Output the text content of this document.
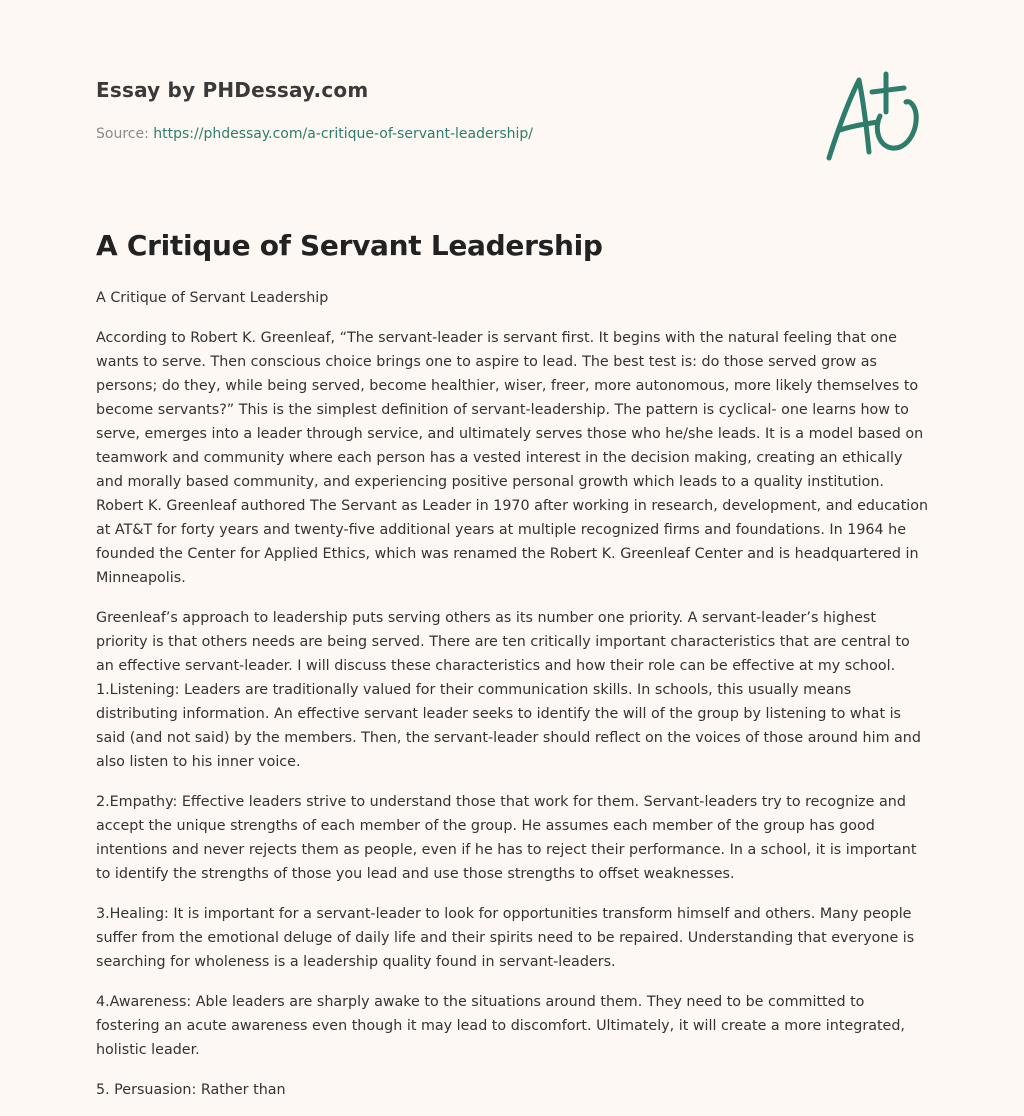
Essay by PHDessay.com
Source: https://phdessay.com/a-critique-of-servant-leadership/
A Critique of Servant Leadership
A Critique of Servant Leadership

According to Robert K. Greenleaf, “The servant-leader is servant first. It begins with the natural feeling that one wants to serve. Then conscious choice brings one to aspire to lead. The best test is: do those served grow as persons; do they, while being served, become healthier, wiser, freer, more autonomous, more likely themselves to become servants?” This is the simplest definition of servant-leadership. The pattern is cyclical- one learns how to serve, emerges into a leader through service, and ultimately serves those who he/she leads. It is a model based on teamwork and community where each person has a vested interest in the decision making, creating an ethically and morally based community, and experiencing positive personal growth which leads to a quality institution. Robert K. Greenleaf authored The Servant as Leader in 1970 after working in research, development, and education at AT&T for forty years and twenty-five additional years at multiple recognized firms and foundations. In 1964 he founded the Center for Applied Ethics, which was renamed the Robert K. Greenleaf Center and is headquartered in Minneapolis.

Greenleaf’s approach to leadership puts serving others as its number one priority. A servant-leader’s highest priority is that others needs are being served. There are ten critically important characteristics that are central to an effective servant-leader. I will discuss these characteristics and how their role can be effective at my school. 1.Listening: Leaders are traditionally valued for their communication skills. In schools, this usually means distributing information. An effective servant leader seeks to identify the will of the group by listening to what is said (and not said) by the members. Then, the servant-leader should reflect on the voices of those around him and also listen to his inner voice.

2.Empathy: Effective leaders strive to understand those that work for them. Servant-leaders try to recognize and accept the unique strengths of each member of the group. He assumes each member of the group has good intentions and never rejects them as people, even if he has to reject their performance. In a school, it is important to identify the strengths of those you lead and use those strengths to offset weaknesses.

3.Healing: It is important for a servant-leader to look for opportunities transform himself and others. Many people suffer from the emotional deluge of daily life and their spirits need to be repaired. Understanding that everyone is searching for wholeness is a leadership quality found in servant-leaders.

4.Awareness: Able leaders are sharply awake to the situations around them. They need to be committed to fostering an acute awareness even though it may lead to discomfort. Ultimately, it will create a more integrated, holistic leader.

5. Persuasion: Rather than
